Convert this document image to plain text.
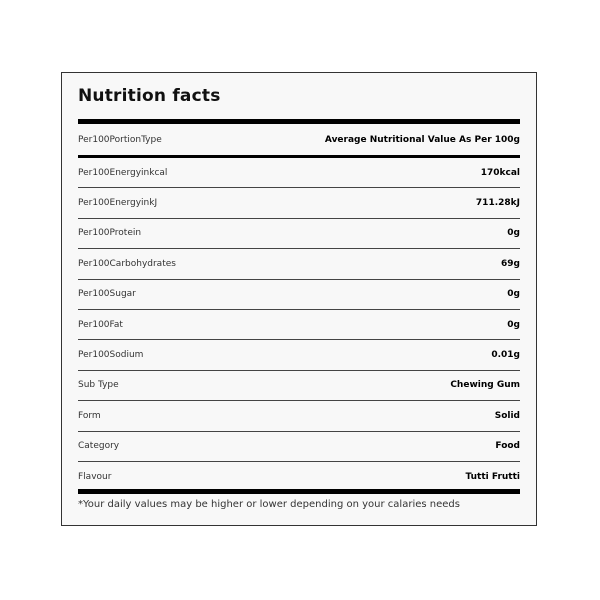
Nutrition facts
Per100PortionType	Average Nutritional Value As Per 100g
Per100Energyinkcal	170kcal
Per100EnergyinkJ	711.28kJ
Per100Protein	0g
Per100Carbohydrates	69g
Per100Sugar	0g
Per100Fat	0g
Per100Sodium	0.01g
Sub Type	Chewing Gum
Form	Solid
Category	Food
Flavour	Tutti Frutti
*Your daily values may be higher or lower depending on your calaries needs
